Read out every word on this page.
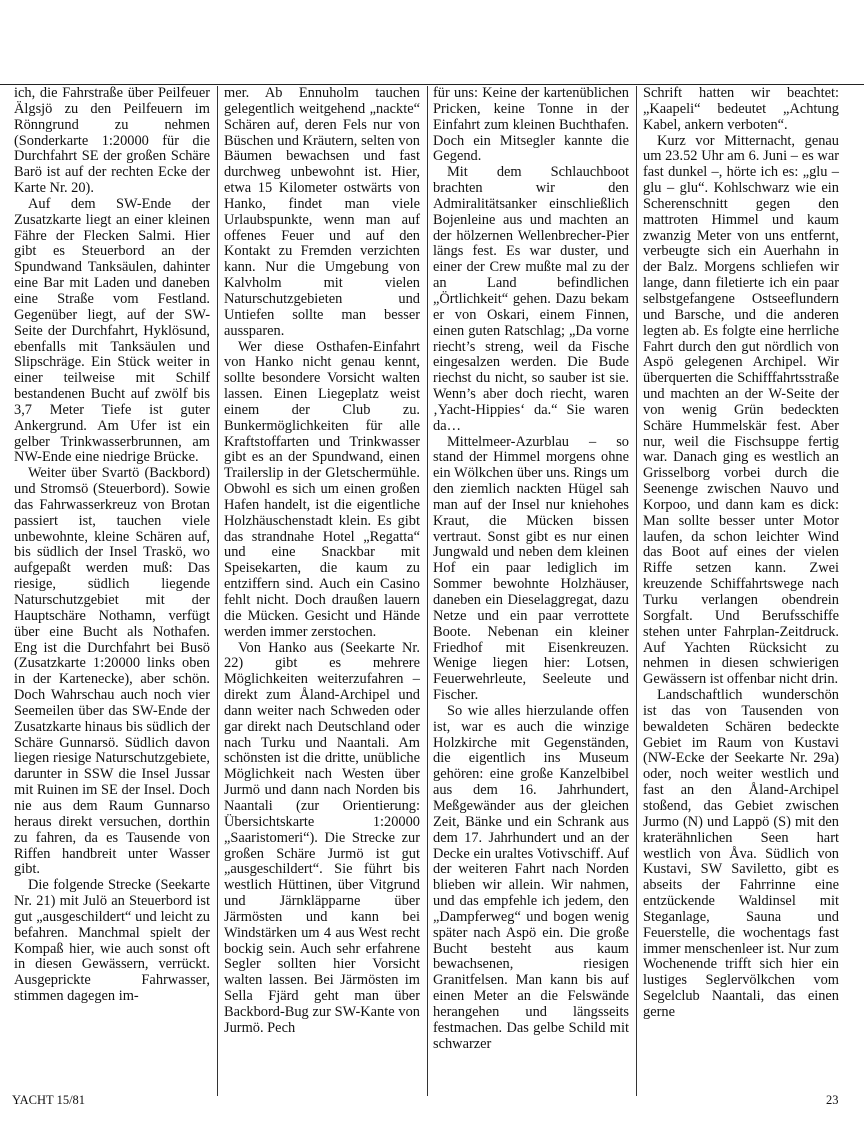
ich, die Fahrstraße über Peilfeuer Älgsjö zu den Peilfeuern im Rönngrund zu nehmen (Sonderkarte 1:20000 für die Durchfahrt SE der großen Schäre Barö ist auf der rechten Ecke der Karte Nr. 20).

Auf dem SW-Ende der Zusatzkarte liegt an einer kleinen Fähre der Flecken Salmi. Hier gibt es Steuerbord an der Spundwand Tanksäulen, dahinter eine Bar mit Laden und daneben eine Straße vom Festland. Gegenüber liegt, auf der SW-Seite der Durchfahrt, Hyklösund, ebenfalls mit Tanksäulen und Slipschräge. Ein Stück weiter in einer teilweise mit Schilf bestandenen Bucht auf zwölf bis 3,7 Meter Tiefe ist guter Ankergrund. Am Ufer ist ein gelber Trinkwasserbrunnen, am NW-Ende eine niedrige Brücke.

Weiter über Svartö (Backbord) und Stromsö (Steuerbord). Sowie das Fahrwasserkreuz von Brotan passiert ist, tauchen viele unbewohnte, kleine Schären auf, bis südlich der Insel Traskö, wo aufgepaßt werden muß: Das riesige, südlich liegende Naturschutzgebiet mit der Hauptschäre Nothamn, verfügt über eine Bucht als Nothafen. Eng ist die Durchfahrt bei Busö (Zusatzkarte 1:20000 links oben in der Kartenecke), aber schön. Doch Wahrschau auch noch vier Seemeilen über das SW-Ende der Zusatzkarte hinaus bis südlich der Schäre Gunnarsö. Südlich davon liegen riesige Naturschutzgebiete, darunter in SSW die Insel Jussar mit Ruinen im SE der Insel. Doch nie aus dem Raum Gunnarso heraus direkt versuchen, dorthin zu fahren, da es Tausende von Riffen handbreit unter Wasser gibt.

Die folgende Strecke (Seekarte Nr. 21) mit Julö an Steuerbord ist gut „ausgeschildert“ und leicht zu befahren. Manchmal spielt der Kompaß hier, wie auch sonst oft in diesen Gewässern, verrückt. Ausgeprickte Fahrwasser, stimmen dagegen im-

mer. Ab Ennuholm tauchen gelegentlich weitgehend „nackte“ Schären auf, deren Fels nur von Büschen und Kräutern, selten von Bäumen bewachsen und fast durchweg unbewohnt ist. Hier, etwa 15 Kilometer ostwärts von Hanko, findet man viele Urlaubspunkte, wenn man auf offenes Feuer und auf den Kontakt zu Fremden verzichten kann. Nur die Umgebung von Kalvholm mit vielen Naturschutzgebieten und Untiefen sollte man besser aussparen.

Wer diese Osthafen-Einfahrt von Hanko nicht genau kennt, sollte besondere Vorsicht walten lassen. Einen Liegeplatz weist einem der Club zu. Bunkermöglichkeiten für alle Kraftstoffarten und Trinkwasser gibt es an der Spundwand, einen Trailerslip in der Gletschermühle. Obwohl es sich um einen großen Hafen handelt, ist die eigentliche Holzhäuschenstadt klein. Es gibt das strandnahe Hotel „Regatta“ und eine Snackbar mit Speisekarten, die kaum zu entziffern sind. Auch ein Casino fehlt nicht. Doch draußen lauern die Mücken. Gesicht und Hände werden immer zerstochen.

Von Hanko aus (Seekarte Nr. 22) gibt es mehrere Möglichkeiten weiterzufahren – direkt zum Åland-Archipel und dann weiter nach Schweden oder gar direkt nach Deutschland oder nach Turku und Naantali. Am schönsten ist die dritte, unübliche Möglichkeit nach Westen über Jurmö und dann nach Norden bis Naantali (zur Orientierung: Übersichtskarte 1:20000 „Saaristomeri“). Die Strecke zur großen Schäre Jurmö ist gut „ausgeschildert“. Sie führt bis westlich Hüttinen, über Vitgrund und Järnkläpparne über Järmösten und kann bei Windstärken um 4 aus West recht bockig sein. Auch sehr erfahrene Segler sollten hier Vorsicht walten lassen. Bei Järmösten im Sella Fjärd geht man über Backbord-Bug zur SW-Kante von Jurmö. Pech

für uns: Keine der kartenüblichen Pricken, keine Tonne in der Einfahrt zum kleinen Buchthafen. Doch ein Mitsegler kannte die Gegend.

Mit dem Schlauchboot brachten wir den Admiralitätsanker einschließlich Bojenleine aus und machten an der hölzernen Wellenbrecher-Pier längs fest. Es war duster, und einer der Crew mußte mal zu der an Land befindlichen „Örtlichkeit“ gehen. Dazu bekam er von Oskari, einem Finnen, einen guten Ratschlag; „Da vorne riecht’s streng, weil da Fische eingesalzen werden. Die Bude riechst du nicht, so sauber ist sie. Wenn’s aber doch riecht, waren ‚Yacht-Hippies‘ da.“ Sie waren da…

Mittelmeer-Azurblau – so stand der Himmel morgens ohne ein Wölkchen über uns. Rings um den ziemlich nackten Hügel sah man auf der Insel nur kniehohes Kraut, die Mücken bissen vertraut. Sonst gibt es nur einen Jungwald und neben dem kleinen Hof ein paar lediglich im Sommer bewohnte Holzhäuser, daneben ein Dieselaggregat, dazu Netze und ein paar verrottete Boote. Nebenan ein kleiner Friedhof mit Eisenkreuzen. Wenige liegen hier: Lotsen, Feuerwehrleute, Seeleute und Fischer.

So wie alles hierzulande offen ist, war es auch die winzige Holzkirche mit Gegenständen, die eigentlich ins Museum gehören: eine große Kanzelbibel aus dem 16. Jahrhundert, Meßgewänder aus der gleichen Zeit, Bänke und ein Schrank aus dem 17. Jahrhundert und an der Decke ein uraltes Votivschiff. Auf der weiteren Fahrt nach Norden blieben wir allein. Wir nahmen, und das empfehle ich jedem, den „Dampferweg“ und bogen wenig später nach Aspö ein. Die große Bucht besteht aus kaum bewachsenen, riesigen Granitfelsen. Man kann bis auf einen Meter an die Felswände herangehen und längsseits festmachen. Das gelbe Schild mit schwarzer

Schrift hatten wir beachtet: „Kaapeli“ bedeutet „Achtung Kabel, ankern verboten“.

Kurz vor Mitternacht, genau um 23.52 Uhr am 6. Juni – es war fast dunkel –, hörte ich es: „glu – glu – glu“. Kohlschwarz wie ein Scherenschnitt gegen den mattroten Himmel und kaum zwanzig Meter von uns entfernt, verbeugte sich ein Auerhahn in der Balz. Morgens schliefen wir lange, dann filetierte ich ein paar selbstgefangene Ostseeflundern und Barsche, und die anderen legten ab. Es folgte eine herrliche Fahrt durch den gut nördlich von Aspö gelegenen Archipel. Wir überquerten die Schifffahrtsstraße und machten an der W-Seite der von wenig Grün bedeckten Schäre Hummelskär fest. Aber nur, weil die Fischsuppe fertig war. Danach ging es westlich an Grisselborg vorbei durch die Seenenge zwischen Nauvo und Korpoo, und dann kam es dick: Man sollte besser unter Motor laufen, da schon leichter Wind das Boot auf eines der vielen Riffe setzen kann. Zwei kreuzende Schiffahrtswege nach Turku verlangen obendrein Sorgfalt. Und Berufsschiffe stehen unter Fahrplan-Zeitdruck. Auf Yachten Rücksicht zu nehmen in diesen schwierigen Gewässern ist offenbar nicht drin.

Landschaftlich wunderschön ist das von Tausenden von bewaldeten Schären bedeckte Gebiet im Raum von Kustavi (NW-Ecke der Seekarte Nr. 29a) oder, noch weiter westlich und fast an den Åland-Archipel stoßend, das Gebiet zwischen Jurmo (N) und Lappö (S) mit den kraterähnlichen Seen hart westlich von Åva. Südlich von Kustavi, SW Saviletto, gibt es abseits der Fahrrinne eine entzückende Waldinsel mit Steganlage, Sauna und Feuerstelle, die wochentags fast immer menschenleer ist. Nur zum Wochenende trifft sich hier ein lustiges Seglervölkchen vom Segelclub Naantali, das einen gerne

YACHT 15/81	23
